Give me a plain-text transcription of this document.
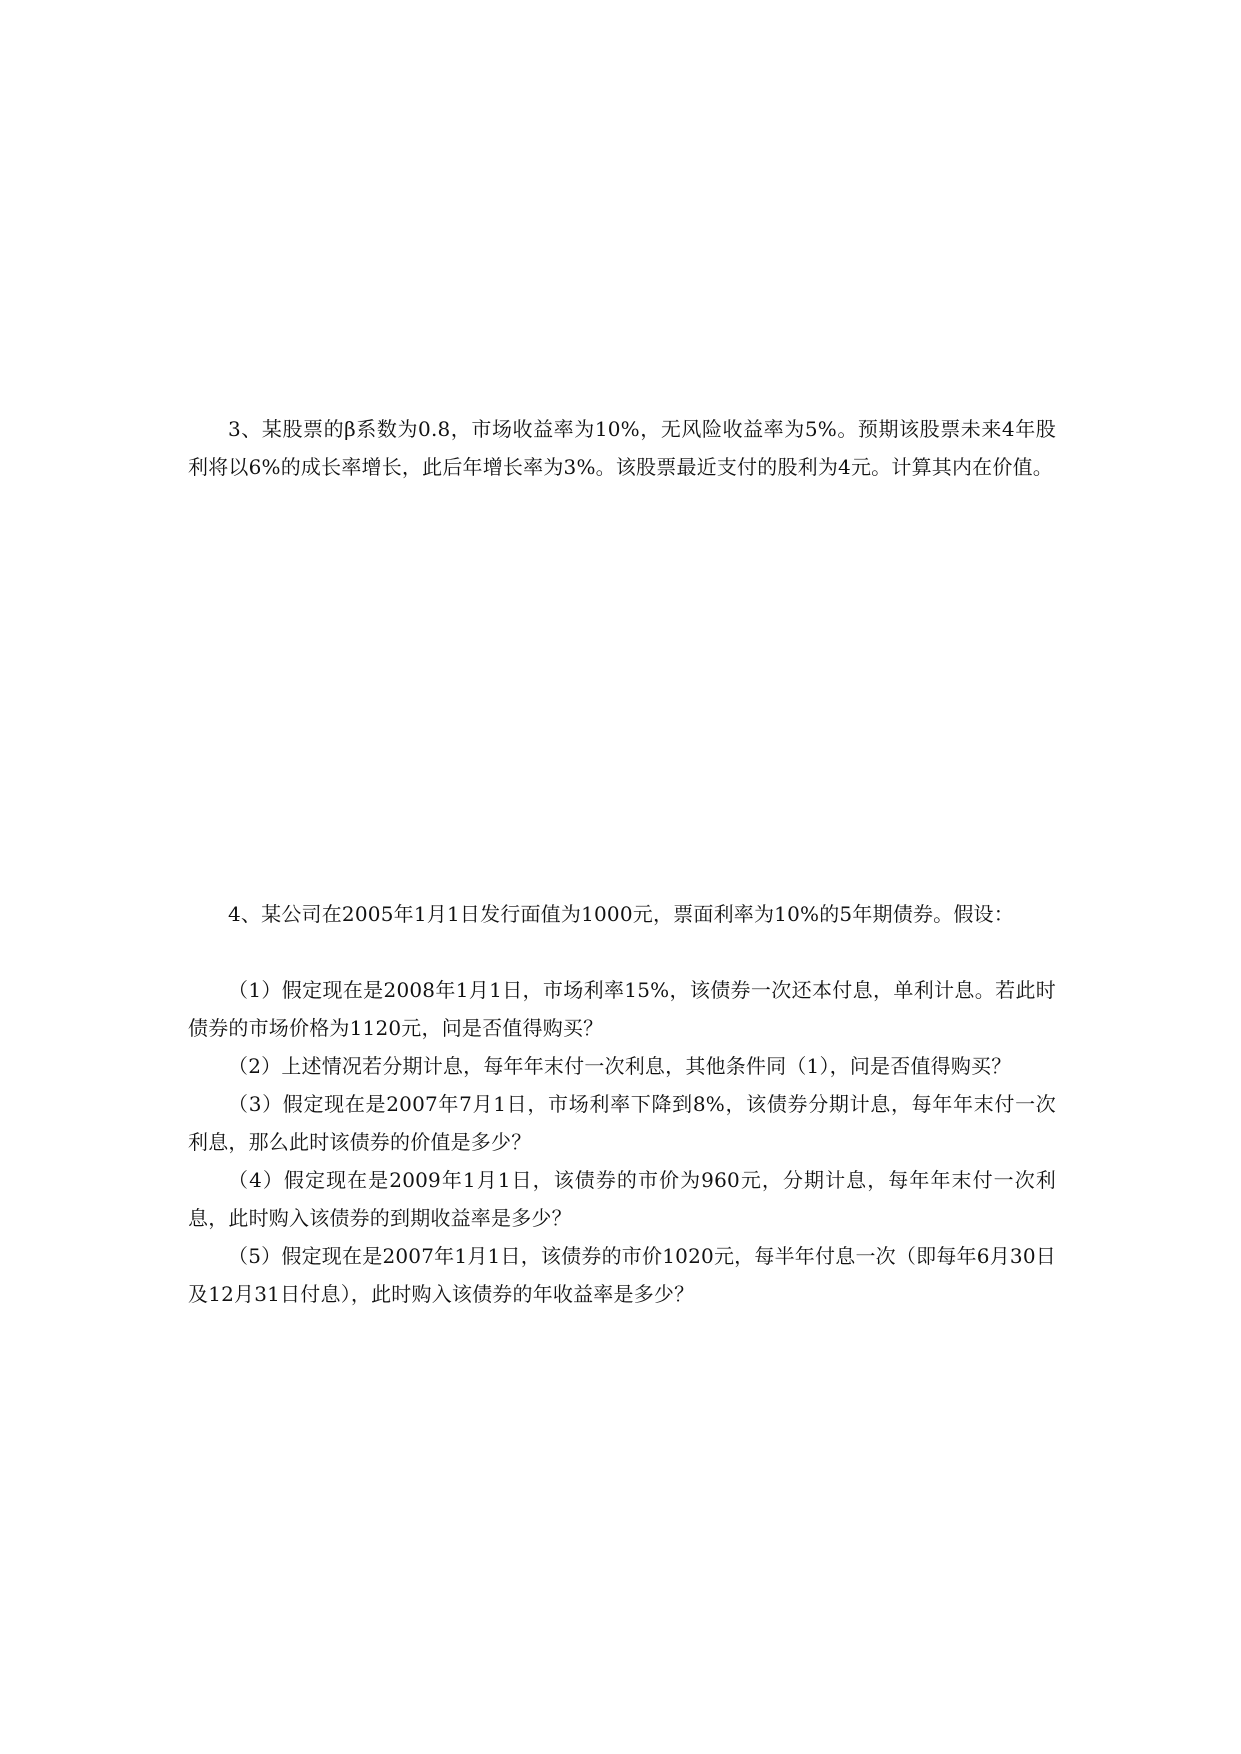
3、某股票的β系数为0.8，市场收益率为10%，无风险收益率为5%。预期该股票未来4年股利将以6%的成长率增长，此后年增长率为3%。该股票最近支付的股利为4元。计算其内在价值。

4、某公司在2005年1月1日发行面值为1000元，票面利率为10%的5年期债券。假设：

（1）假定现在是2008年1月1日，市场利率15%，该债券一次还本付息，单利计息。若此时债券的市场价格为1120元，问是否值得购买？

（2）上述情况若分期计息，每年年末付一次利息，其他条件同（1），问是否值得购买？

（3）假定现在是2007年7月1日，市场利率下降到8%，该债券分期计息，每年年末付一次利息，那么此时该债券的价值是多少？

（4）假定现在是2009年1月1日，该债券的市价为960元，分期计息，每年年末付一次利息，此时购入该债券的到期收益率是多少？

（5）假定现在是2007年1月1日，该债券的市价1020元，每半年付息一次（即每年6月30日及12月31日付息），此时购入该债券的年收益率是多少？
